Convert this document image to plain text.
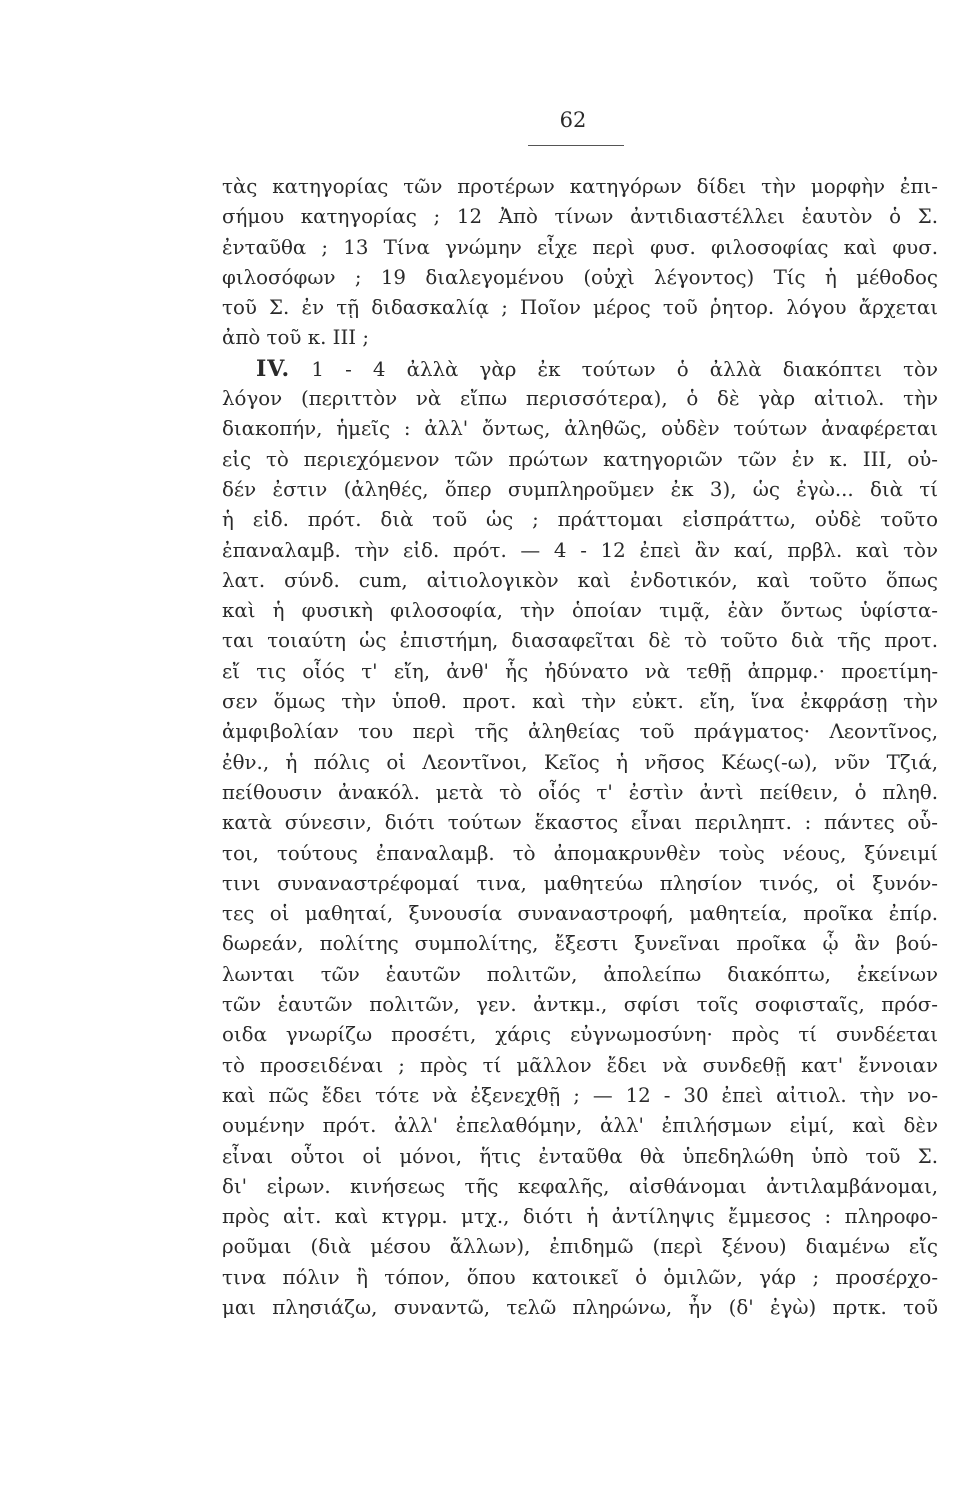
62
τὰς κατηγορίας τῶν προτέρων κατηγόρων δίδει τὴν μορφὴν ἐπι-
σήμου κατηγορίας ; 12 Ἀπὸ τίνων ἀντιδιαστέλλει ἑαυτὸν ὁ Σ.
ἐνταῦθα ; 13 Τίνα γνώμην εἶχε περὶ φυσ. φιλοσοφίας καὶ φυσ.
φιλοσόφων ; 19 διαλεγομένου (οὐχὶ λέγοντος) Τίς ἡ μέθοδος
τοῦ Σ. ἐν τῇ διδασκαλίᾳ ; Ποῖον μέρος τοῦ ῥητορ. λόγου ἄρχεται
ἀπὸ τοῦ κ. III ;
IV. 1 - 4 ἀλλὰ γὰρ ἐκ τούτων ὁ ἀλλὰ διακόπτει τὸν
λόγον (περιττὸν νὰ εἴπω περισσότερα), ὁ δὲ γὰρ αἰτιολ. τὴν
διακοπήν, ἡμεῖς : ἀλλ' ὄντως, ἀληθῶς, οὐδὲν τούτων ἀναφέρεται
εἰς τὸ περιεχόμενον τῶν πρώτων κατηγοριῶν τῶν ἐν κ. III, οὐ-
δέν ἐστιν (ἀληθές, ὅπερ συμπληροῦμεν ἐκ 3), ὡς ἐγὼ... διὰ τί
ἡ εἰδ. πρότ. διὰ τοῦ ὡς ; πράττομαι εἰσπράττω, οὐδὲ τοῦτο
ἐπαναλαμβ. τὴν εἰδ. πρότ. — 4 - 12 ἐπεὶ ἂν καί, πρβλ. καὶ τὸν
λατ. σύνδ. cum, αἰτιολογικὸν καὶ ἐνδοτικόν, καὶ τοῦτο ὅπως
καὶ ἡ φυσικὴ φιλοσοφία, τὴν ὁποίαν τιμᾷ, ἐὰν ὄντως ὑφίστα-
ται τοιαύτη ὡς ἐπιστήμη, διασαφεῖται δὲ τὸ τοῦτο διὰ τῆς προτ.
εἴ τις οἷός τ' εἴη, ἀνθ' ἧς ἠδύνατο νὰ τεθῇ ἀπρμφ.· προετίμη-
σεν ὅμως τὴν ὑποθ. προτ. καὶ τὴν εὐκτ. εἴη, ἵνα ἐκφράσῃ τὴν
ἀμφιβολίαν του περὶ τῆς ἀληθείας τοῦ πράγματος· Λεοντῖνος,
ἐθν., ἡ πόλις οἱ Λεοντῖνοι, Κεῖος ἡ νῆσος Κέως(-ω), νῦν Τζιά,
πείθουσιν ἀνακόλ. μετὰ τὸ οἷός τ' ἐστὶν ἀντὶ πείθειν, ὁ πληθ.
κατὰ σύνεσιν, διότι τούτων ἕκαστος εἶναι περιληπτ. : πάντες οὗ-
τοι, τούτους ἐπαναλαμβ. τὸ ἀπομακρυνθὲν τοὺς νέους, ξύνειμί
τινι συναναστρέφομαί τινα, μαθητεύω πλησίον τινός, οἱ ξυνόν-
τες οἱ μαθηταί, ξυνουσία συναναστροφή, μαθητεία, προῖκα ἐπίρ.
δωρεάν, πολίτης συμπολίτης, ἔξεστι ξυνεῖναι προῖκα ᾧ ἂν βού-
λωνται τῶν ἑαυτῶν πολιτῶν, ἀπολείπω διακόπτω, ἐκείνων
τῶν ἑαυτῶν πολιτῶν, γεν. ἀντκμ., σφίσι τοῖς σοφισταῖς, πρόσ-
οιδα γνωρίζω προσέτι, χάρις εὐγνωμοσύνη· πρὸς τί συνδέεται
τὸ προσειδέναι ; πρὸς τί μᾶλλον ἔδει νὰ συνδεθῇ κατ' ἔννοιαν
καὶ πῶς ἔδει τότε νὰ ἐξενεχθῇ ; — 12 - 30 ἐπεὶ αἰτιολ. τὴν νο-
ουμένην πρότ. ἀλλ' ἐπελαθόμην, ἀλλ' ἐπιλήσμων εἰμί, καὶ δὲν
εἶναι οὗτοι οἱ μόνοι, ἥτις ἐνταῦθα θὰ ὑπεδηλώθη ὑπὸ τοῦ Σ.
δι' εἰρων. κινήσεως τῆς κεφαλῆς, αἰσθάνομαι ἀντιλαμβάνομαι,
πρὸς αἰτ. καὶ κτγρμ. μτχ., διότι ἡ ἀντίληψις ἔμμεσος : πληροφο-
ροῦμαι (διὰ μέσου ἄλλων), ἐπιδημῶ (περὶ ξένου) διαμένω εἴς
τινα πόλιν ἢ τόπον, ὅπου κατοικεῖ ὁ ὁμιλῶν, γάρ ; προσέρχο-
μαι πλησιάζω, συναντῶ, τελῶ πληρώνω, ἦν (δ' ἐγὼ) πρτκ. τοῦ
